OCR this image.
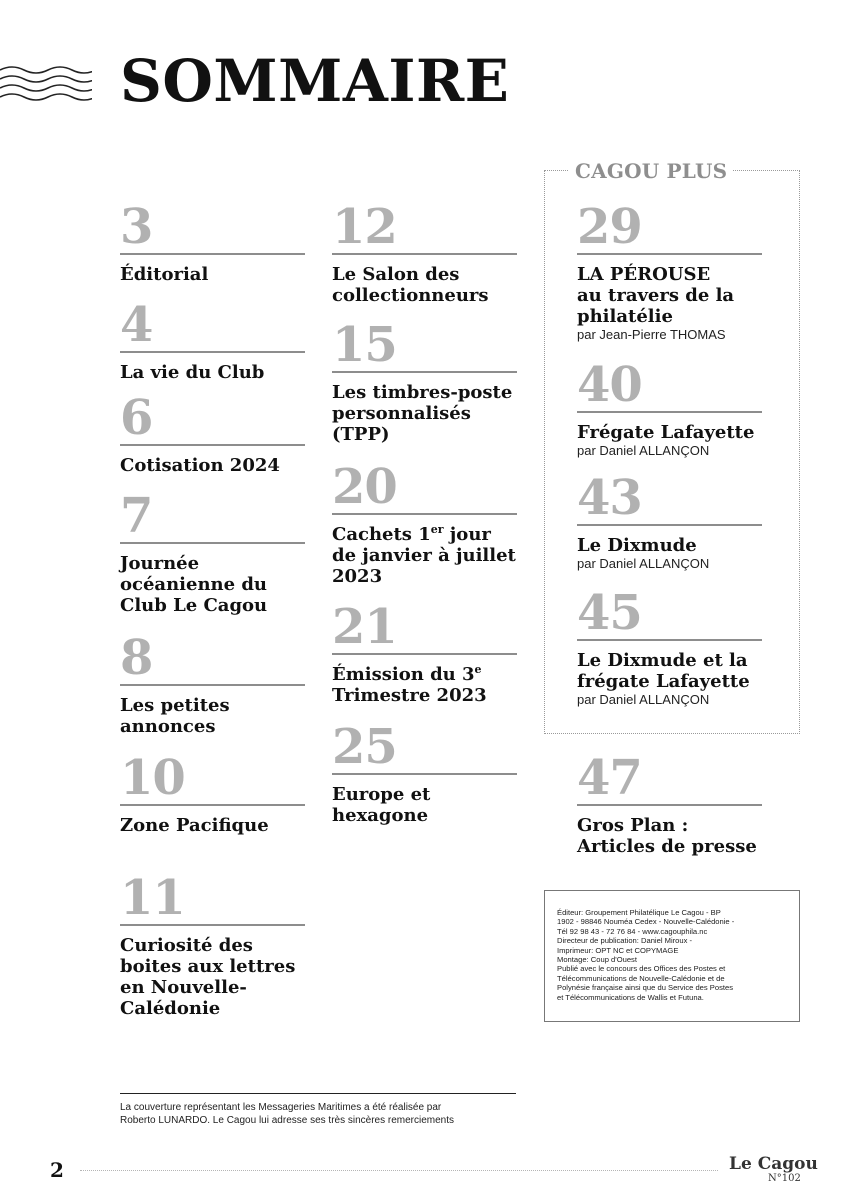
SOMMAIRE
3
Éditorial
4
La vie du Club
6
Cotisation 2024
7
Journée
océanienne du
Club Le Cagou
8
Les petites
annonces
10
Zone Pacifique
11
Curiosité des
boites aux lettres
en Nouvelle-
Calédonie
12
Le Salon des
collectionneurs
15
Les timbres-poste
personnalisés
(TPP)
20
Cachets 1er jour
de janvier à juillet
2023
21
Émission du 3e
Trimestre 2023
25
Europe et
hexagone
CAGOU PLUS
29
LA PÉROUSE
au travers de la
philatélie
par Jean-Pierre THOMAS
40
Frégate Lafayette
par Daniel ALLANÇON
43
Le Dixmude
par Daniel ALLANÇON
45
Le Dixmude et la
frégate Lafayette
par Daniel ALLANÇON
47
Gros Plan :
Articles de presse
Éditeur: Groupement Philatélique Le Cagou - BP
1902 - 98846 Nouméa Cedex - Nouvelle-Calédonie -
Tél 92 98 43 - 72 76 84 - www.cagouphila.nc
Directeur de publication: Daniel Miroux -
Imprimeur: OPT NC et COPYMAGE
Montage: Coup d'Ouest
Publié avec le concours des Offices des Postes et
Télécommunications de Nouvelle-Calédonie et de
Polynésie française ainsi que du Service des Postes
et Télécommunications de Wallis et Futuna.
La couverture représentant les Messageries Maritimes a été réalisée par
Roberto LUNARDO. Le Cagou lui adresse ses très sincères remerciements
2	Le Cagou
N°102
